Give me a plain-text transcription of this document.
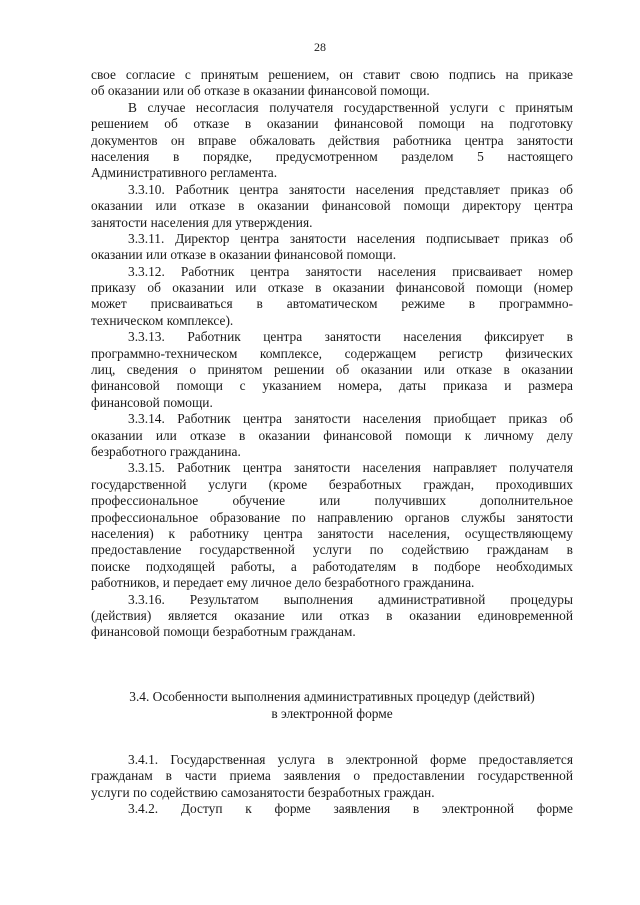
28
свое согласие с принятым решением, он ставит свою подпись на приказе
об оказании или об отказе в оказании финансовой помощи.
В случае несогласия получателя государственной услуги с принятым
решением об отказе в оказании финансовой помощи на подготовку
документов он вправе обжаловать действия работника центра занятости
населения в порядке, предусмотренном разделом 5 настоящего
Административного регламента.
3.3.10. Работник центра занятости населения представляет приказ об
оказании или отказе в оказании финансовой помощи директору центра
занятости населения для утверждения.
3.3.11. Директор центра занятости населения подписывает приказ об
оказании или отказе в оказании финансовой помощи.
3.3.12. Работник центра занятости населения присваивает номер
приказу об оказании или отказе в оказании финансовой помощи (номер
может присваиваться в автоматическом режиме в программно-
техническом комплексе).
3.3.13. Работник центра занятости населения фиксирует в
программно-техническом комплексе, содержащем регистр физических
лиц, сведения о принятом решении об оказании или отказе в оказании
финансовой помощи с указанием номера, даты приказа и размера
финансовой помощи.
3.3.14. Работник центра занятости населения приобщает приказ об
оказании или отказе в оказании финансовой помощи к личному делу
безработного гражданина.
3.3.15. Работник центра занятости населения направляет получателя
государственной услуги (кроме безработных граждан, проходивших
профессиональное обучение или получивших дополнительное
профессиональное образование по направлению органов службы занятости
населения) к работнику центра занятости населения, осуществляющему
предоставление государственной услуги по содействию гражданам в
поиске подходящей работы, а работодателям в подборе необходимых
работников, и передает ему личное дело безработного гражданина.
3.3.16. Результатом выполнения административной процедуры
(действия) является оказание или отказ в оказании единовременной
финансовой помощи безработным гражданам.
3.4. Особенности выполнения административных процедур (действий)
в электронной форме
3.4.1. Государственная услуга в электронной форме предоставляется
гражданам в части приема заявления о предоставлении государственной
услуги по содействию самозанятости безработных граждан.
3.4.2. Доступ к форме заявления в электронной форме
